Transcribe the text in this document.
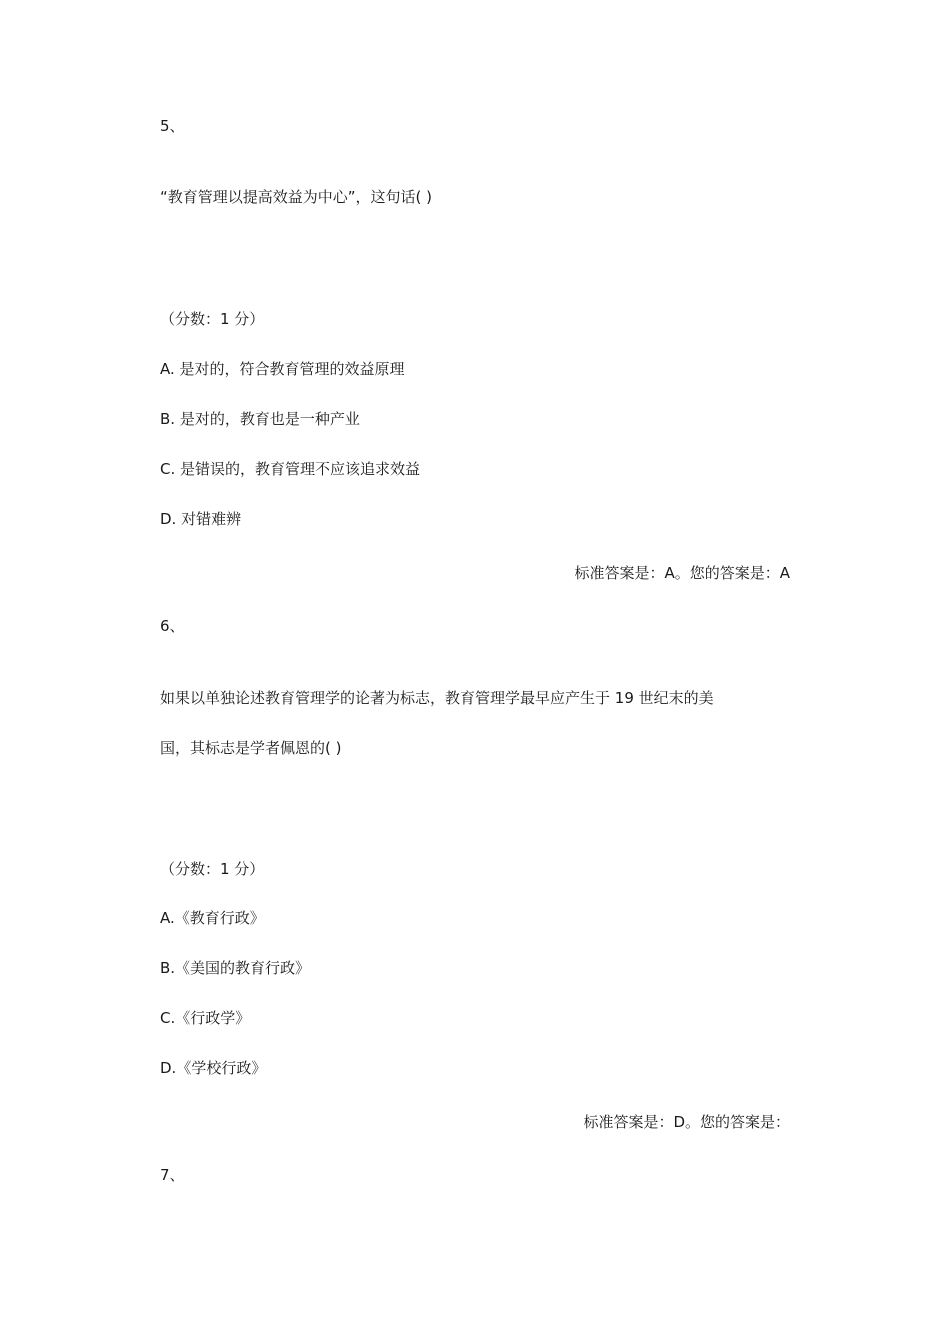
5、
“教育管理以提高效益为中心”，这句话( )
（分数：1 分）
A. 是对的，符合教育管理的效益原理
B. 是对的，教育也是一种产业
C. 是错误的，教育管理不应该追求效益
D. 对错难辨
标准答案是：A。您的答案是：A
6、
如果以单独论述教育管理学的论著为标志，教育管理学最早应产生于 19 世纪末的美
国，其标志是学者佩恩的( )
（分数：1 分）
A.《教育行政》
B.《美国的教育行政》
C.《行政学》
D.《学校行政》
标准答案是：D。您的答案是：
7、
